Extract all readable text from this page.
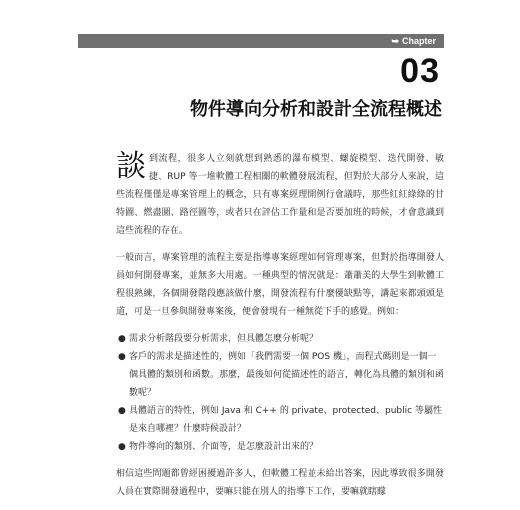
➥ Chapter
03
物件導向分析和設計全流程概述

談到流程，很多人立刻就想到熟悉的瀑布模型、螺旋模型、迭代開發、敏捷、RUP 等一堆軟體工程相關的軟體發展流程，但對於大部分人來說，這些流程僅僅是專案管理上的概念，只有專案經理開例行會議時，那些紅紅綠綠的甘特圖、燃盡圖、路徑圖等，或者只在評估工作量和是否要加班的時候，才會意識到這些流程的存在。

一般而言，專案管理的流程主要是指導專案經理如何管理專案，但對於指導開發人員如何開發專案，並無多大用處。一種典型的情況就是：蕭蕭美的大學生到軟體工程很熟練，各個開發階段應該做什麼，開發流程有什麼優缺點等，講起來都頭頭是道，可是一旦參與開發專案後，便會發現有一種無從下手的感覺。例如：

● 需求分析階段要分析需求，但具體怎麼分析呢？
● 客戶的需求是描述性的，例如「我們需要一個 POS 機」，而程式碼則是一個一個具體的類別和函數。那麼，最後如何從描述性的語言，轉化為具體的類別和函數呢？
● 具體語言的特性，例如 Java 和 C++ 的 private、protected、public 等屬性是來自哪裡？什麼時候設計？
● 物件導向的類別、介面等，是怎麼設計出來的？

相信這些問題都曾經困擾過許多人，但軟體工程並未給出答案，因此導致很多開發人員在實際開發過程中，要嘛只能在別人的指導下工作，要嘛就瞎矇
